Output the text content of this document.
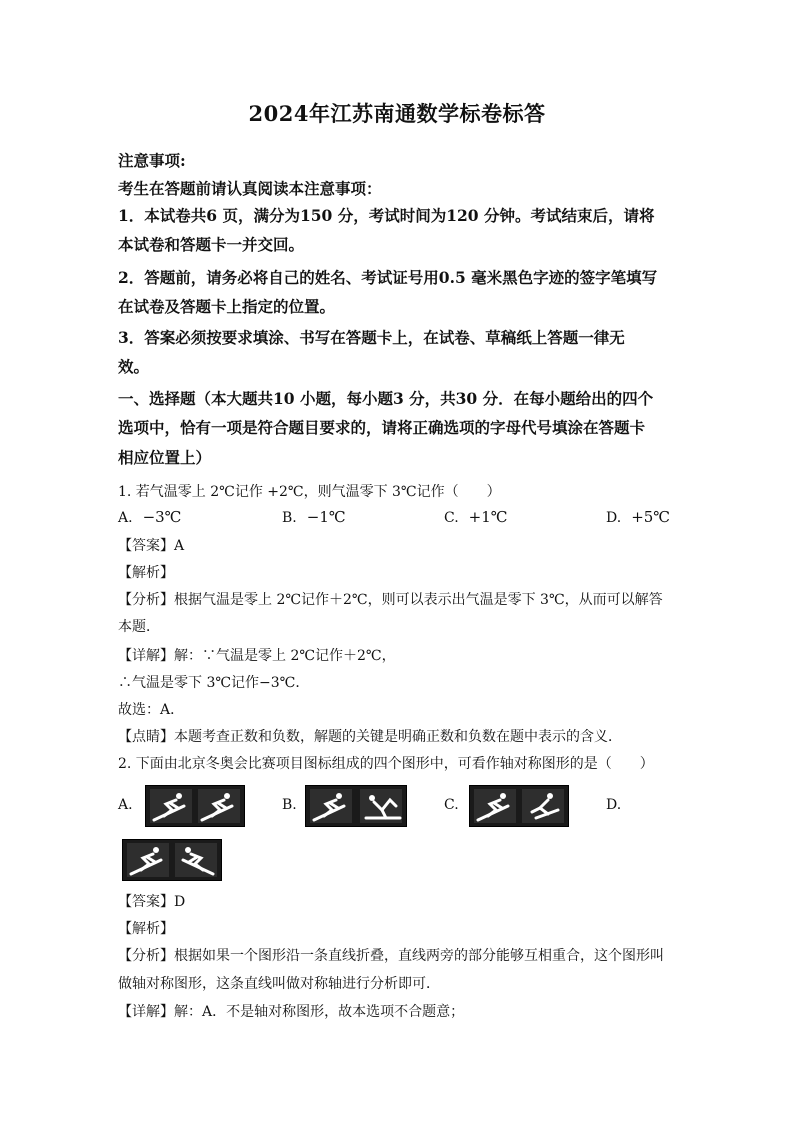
2024年江苏南通数学标卷标答
注意事项:
考生在答题前请认真阅读本注意事项：
1．本试卷共6 页，满分为150 分，考试时间为120 分钟。考试结束后，请将
本试卷和答题卡一并交回。
2．答题前，请务必将自己的姓名、考试证号用0.5 毫米黑色字迹的签字笔填写
在试卷及答题卡上指定的位置。
3．答案必须按要求填涂、书写在答题卡上，在试卷、草稿纸上答题一律无
效。
一、选择题（本大题共10 小题，每小题3 分，共30 分．在每小题给出的四个
选项中，恰有一项是符合题目要求的，请将正确选项的字母代号填涂在答题卡
相应位置上）
1. 若气温零上 2℃记作 +2℃，则气温零下 3℃记作（　　）
A. −3℃	B. −1℃	C. +1℃	D. +5℃
【答案】A
【解析】
【分析】根据气温是零上 2℃记作＋2℃，则可以表示出气温是零下 3℃，从而可以解答
本题．
【详解】解：∵气温是零上 2℃记作＋2℃，
∴气温是零下 3℃记作−3℃．
故选：A．
【点睛】本题考查正数和负数，解题的关键是明确正数和负数在题中表示的含义．
2. 下面由北京冬奥会比赛项目图标组成的四个图形中，可看作轴对称图形的是（　　）
A.	B.	C.	D.
【答案】D
【解析】
【分析】根据如果一个图形沿一条直线折叠，直线两旁的部分能够互相重合，这个图形叫
做轴对称图形，这条直线叫做对称轴进行分析即可．
【详解】解：A．不是轴对称图形，故本选项不合题意；
